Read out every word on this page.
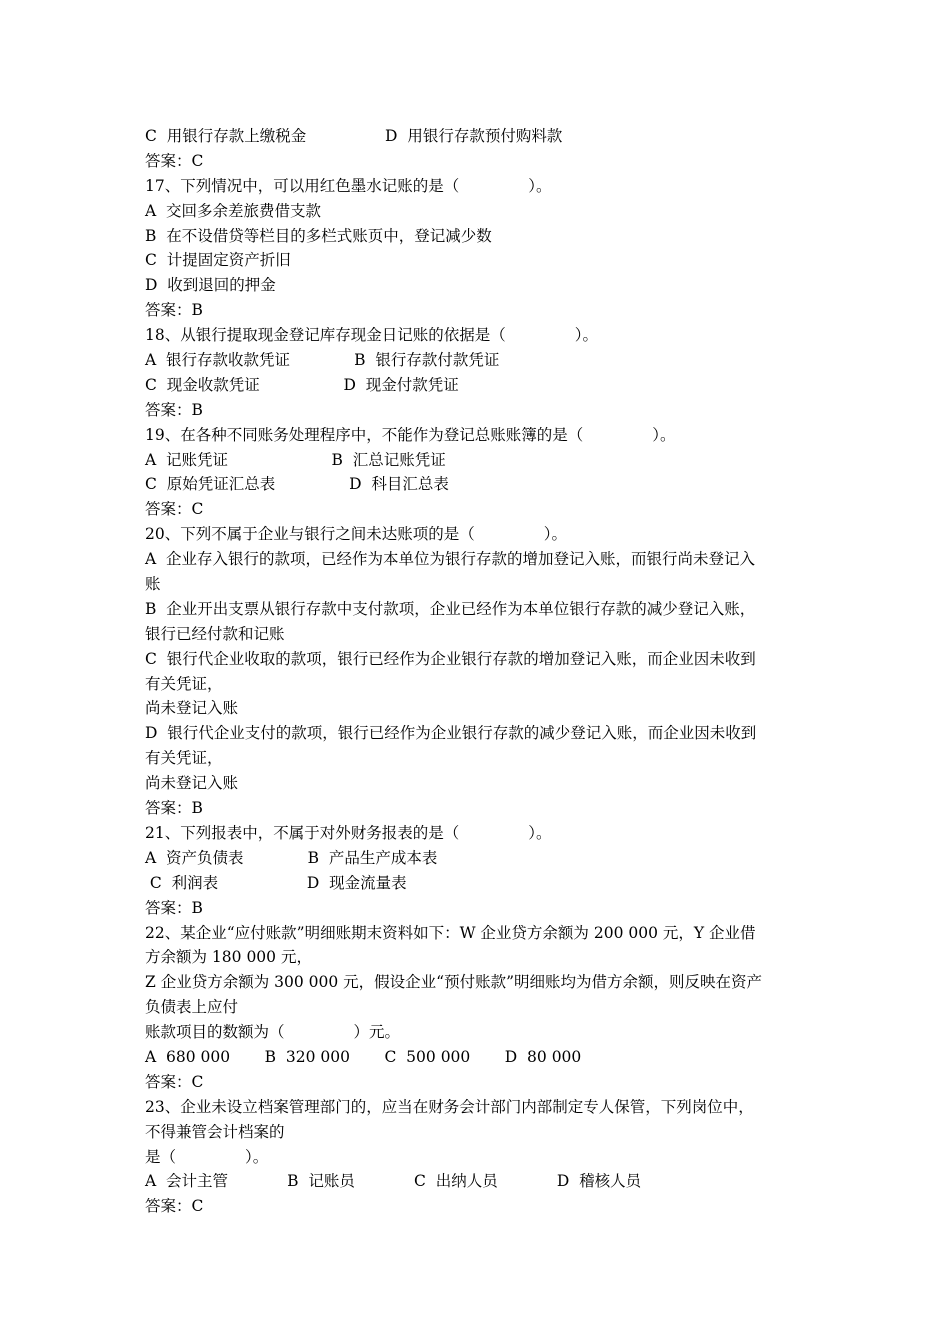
C  用银行存款上缴税金                D  用银行存款预付购料款
答案：C
17、下列情况中，可以用红色墨水记账的是（              ）。
A  交回多余差旅费借支款
B  在不设借贷等栏目的多栏式账页中，登记减少数
C  计提固定资产折旧
D  收到退回的押金
答案：B
18、从银行提取现金登记库存现金日记账的依据是（              ）。
A  银行存款收款凭证             B  银行存款付款凭证
C  现金收款凭证                 D  现金付款凭证
答案：B
19、在各种不同账务处理程序中，不能作为登记总账账簿的是（              ）。
A  记账凭证                     B  汇总记账凭证
C  原始凭证汇总表               D  科目汇总表
答案：C
20、下列不属于企业与银行之间未达账项的是（              ）。
A  企业存入银行的款项，已经作为本单位为银行存款的增加登记入账，而银行尚未登记入
账
B  企业开出支票从银行存款中支付款项，企业已经作为本单位银行存款的减少登记入账，
银行已经付款和记账
C  银行代企业收取的款项，银行已经作为企业银行存款的增加登记入账，而企业因未收到
有关凭证，
尚未登记入账
D  银行代企业支付的款项，银行已经作为企业银行存款的减少登记入账，而企业因未收到
有关凭证，
尚未登记入账
答案：B
21、下列报表中，不属于对外财务报表的是（              ）。
A  资产负债表             B  产品生产成本表
C  利润表                  D  现金流量表
答案：B
22、某企业“应付账款”明细账期末资料如下：W 企业贷方余额为 200 000 元，Y 企业借
方余额为 180 000 元，
Z 企业贷方余额为 300 000 元，假设企业“预付账款”明细账均为借方余额，则反映在资产
负债表上应付
账款项目的数额为（              ）元。
A  680 000       B  320 000       C  500 000       D  80 000
答案：C
23、企业未设立档案管理部门的，应当在财务会计部门内部制定专人保管，下列岗位中，
不得兼管会计档案的
是（              ）。
A  会计主管            B  记账员            C  出纳人员            D  稽核人员
答案：C
